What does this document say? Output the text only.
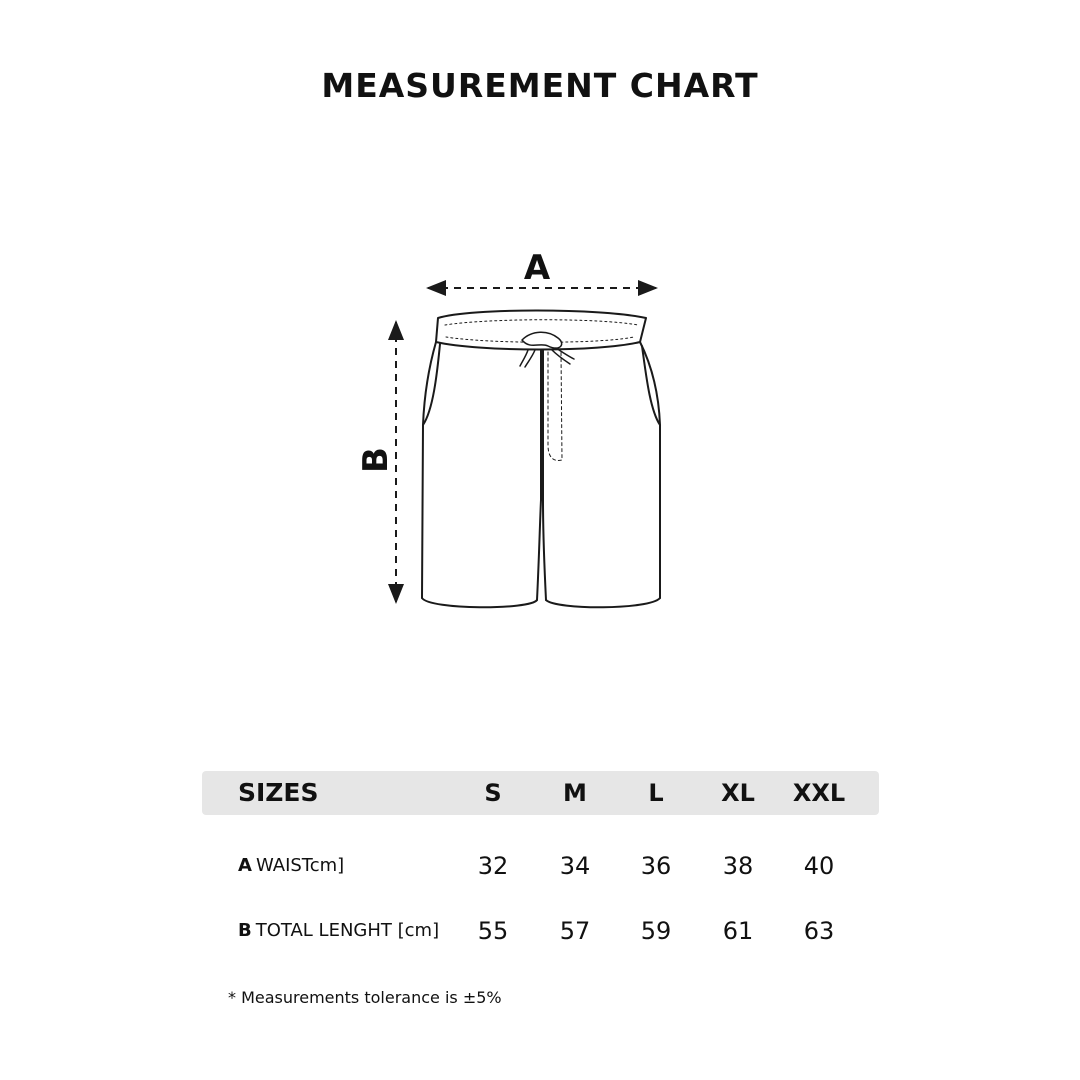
MEASUREMENT CHART
A
B
SIZES	S	M	L	XL	XXL
A WAISTcm]	32	34	36	38	40
B TOTAL LENGHT [cm]	55	57	59	61	63
* Measurements tolerance is ±5%
